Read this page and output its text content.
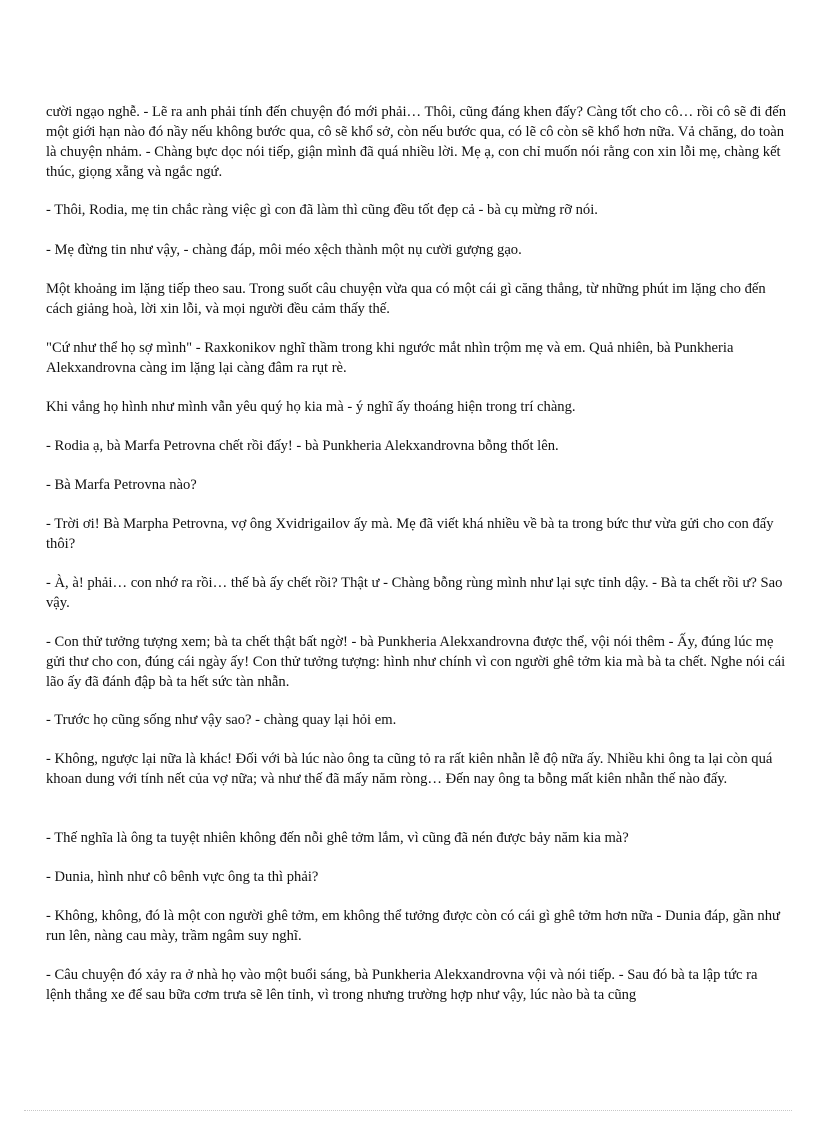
cười ngạo nghễ. - Lẽ ra anh phải tính đến chuyện đó mới phải… Thôi, cũng đáng khen đấy? Càng tốt cho cô… rồi cô sẽ đi đến một giới hạn nào đó nầy nếu không bước qua, cô sẽ khổ sở, còn nếu bước qua, có lẽ cô còn sẽ khổ hơn nữa. Vả chăng, do toàn là chuyện nhảm. - Chàng bực dọc nói tiếp, giận mình đã quá nhiều lời. Mẹ ạ, con chỉ muốn nói rằng con xin lỗi mẹ, chàng kết thúc, giọng xẵng và ngắc ngứ.

- Thôi, Rodia, mẹ tin chắc ràng việc gì con đã làm thì cũng đều tốt đẹp cả - bà cụ mừng rỡ nói.

- Mẹ đừng tin như vậy, - chàng đáp, môi méo xệch thành một nụ cười gượng gạo.

Một khoảng im lặng tiếp theo sau. Trong suốt câu chuyện vừa qua có một cái gì căng thẳng, từ những phút im lặng cho đến cách giảng hoà, lời xin lỗi, và mọi người đều cảm thấy thế.

"Cứ như thể họ sợ mình" - Raxkonikov nghĩ thầm trong khi ngước mắt nhìn trộm mẹ và em. Quả nhiên, bà Punkheria Alekxandrovna càng im lặng lại càng đâm ra rụt rè.

Khi vắng họ hình như mình vẫn yêu quý họ kia mà - ý nghĩ ấy thoáng hiện trong trí chàng.

- Rodia ạ, bà Marfa Petrovna chết rồi đấy! - bà Punkheria Alekxandrovna bỗng thốt lên.

- Bà Marfa Petrovna nào?

- Trời ơi! Bà Marpha Petrovna, vợ ông Xvidrigailov ấy mà. Mẹ đã viết khá nhiều về bà ta trong bức thư vừa gửi cho con đấy thôi?

- À, à! phải… con nhớ ra rồi… thế bà ấy chết rồi? Thật ư - Chàng bỗng rùng mình như lại sực tỉnh dậy. - Bà ta chết rồi ư? Sao vậy.

- Con thử tưởng tượng xem; bà ta chết thật bất ngờ! - bà Punkheria Alekxandrovna được thể, vội nói thêm - Ấy, đúng lúc mẹ gửi thư cho con, đúng cái ngày ấy! Con thử tưởng tượng: hình như chính vì con người ghê tởm kia mà bà ta chết. Nghe nói cái lão ấy đã đánh đập bà ta hết sức tàn nhẫn.

- Trước họ cũng sống như vậy sao? - chàng quay lại hỏi em.

- Không, ngược lại nữa là khác! Đối với bà lúc nào ông ta cũng tỏ ra rất kiên nhẫn lễ độ nữa ấy. Nhiều khi ông ta lại còn quá khoan dung với tính nết của vợ nữa; và như thế đã mấy năm ròng… Đến nay ông ta bỗng mất kiên nhẫn thế nào đấy.

- Thế nghĩa là ông ta tuyệt nhiên không đến nỗi ghê tởm lắm, vì cũng đã nén được bảy năm kia mà?

- Dunia, hình như cô bênh vực ông ta thì phải?

- Không, không, đó là một con người ghê tởm, em không thể tưởng được còn có cái gì ghê tởm hơn nữa - Dunia đáp, gần như run lên, nàng cau mày, trầm ngâm suy nghĩ.

- Câu chuyện đó xảy ra ở nhà họ vào một buổi sáng, bà Punkheria Alekxandrovna vội và nói tiếp. - Sau đó bà ta lập tức ra lệnh thắng xe để sau bữa cơm trưa sẽ lên tỉnh, vì trong nhưng trường hợp như vậy, lúc nào bà ta cũng
